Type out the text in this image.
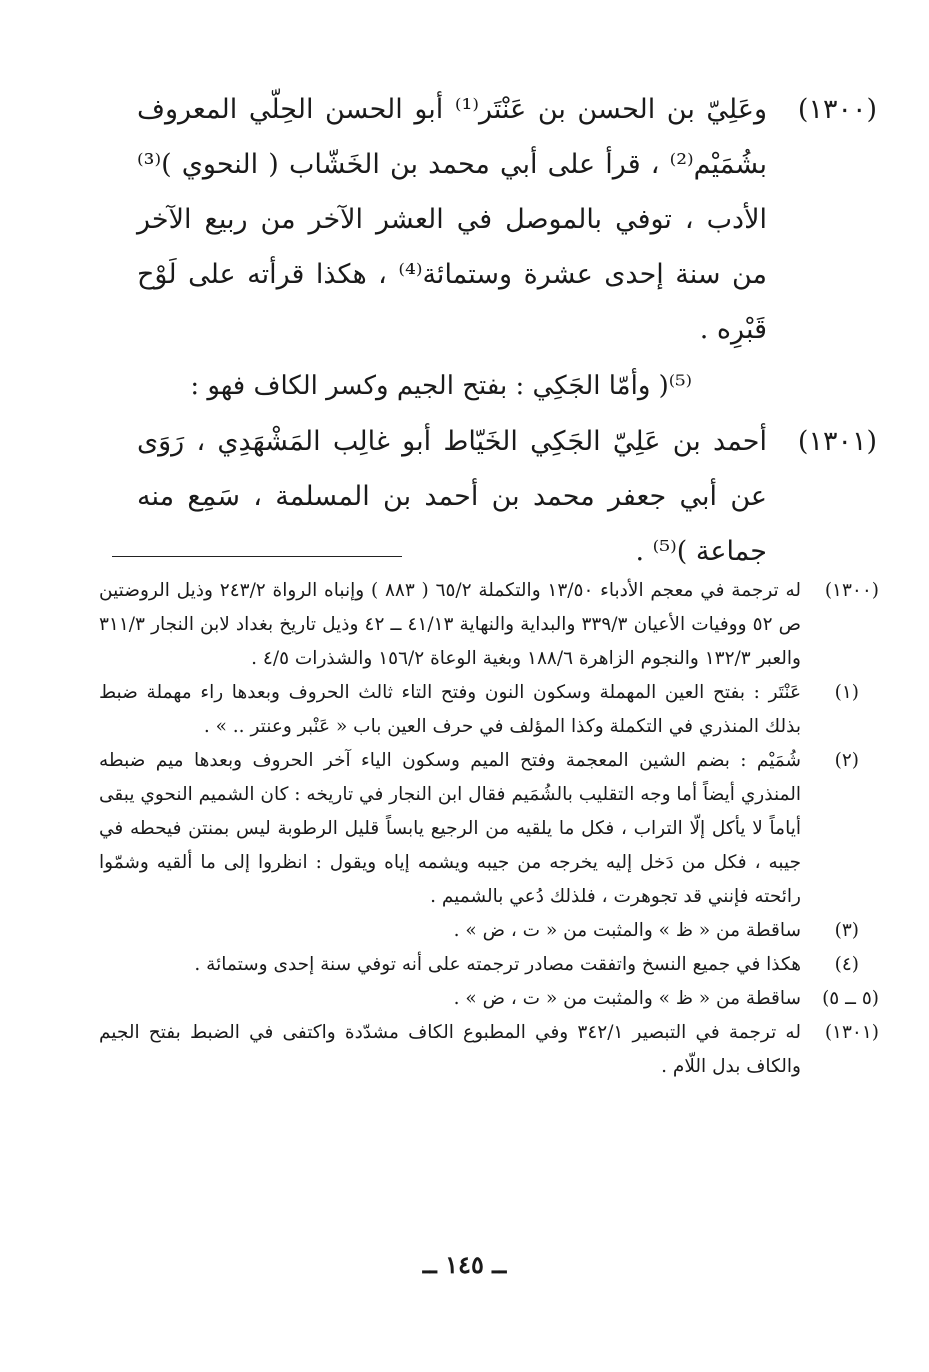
(١٣٠٠)
وعَلِيّ بن الحسن بن عَنْتَر⁽¹⁾ أبو الحسن الحِلّي المعروف بشُمَيْم⁽²⁾ ، قرأ على أبي محمد بن الخَشّاب ( النحوي )⁽³⁾ الأدب ، توفي بالموصل في العشر الآخر من ربيع الآخر من سنة إحدى عشرة وستمائة⁽⁴⁾ ، هكذا قرأته على لَوْح قَبْرِه .
⁽⁵⁾( وأمّا الجَكِي : بفتح الجيم وكسر الكاف فهو :
(١٣٠١)
أحمد بن عَلِيّ الجَكِي الخَيّاط أبو غالِب المَشْهَدِي ، رَوَى عن أبي جعفر محمد بن أحمد بن المسلمة ، سَمِع منه جماعة )⁽⁵⁾ .
(١٣٠٠)
له ترجمة في معجم الأدباء ١٣/٥٠ والتكملة ٦٥/٢ ( ٨٨٣ ) وإنباه الرواة ٢٤٣/٢ وذيل الروضتين ص ٥٢ ووفيات الأعيان ٣٣٩/٣ والبداية والنهاية ٤١/١٣ ــ ٤٢ وذيل تاريخ بغداد لابن النجار ٣١١/٣ والعبر ١٣٢/٣ والنجوم الزاهرة ١٨٨/٦ وبغية الوعاة ١٥٦/٢ والشذرات ٤/٥ .
(١)
عَنْتَر : بفتح العين المهملة وسكون النون وفتح التاء ثالث الحروف وبعدها راء مهملة ضبط بذلك المنذري في التكملة وكذا المؤلف في حرف العين باب « عَنْبر وعنتر .. » .
(٢)
شُمَيْم : بضم الشين المعجمة وفتح الميم وسكون الياء آخر الحروف وبعدها ميم ضبطه المنذري أيضاً أما وجه التقليب بالشُمَيم فقال ابن النجار في تاريخه : كان الشميم النحوي يبقى أياماً لا يأكل إلّا التراب ، فكل ما يلقيه من الرجيع يابساً قليل الرطوبة ليس بمنتن فيحطه في جيبه ، فكل من دَخل إليه يخرجه من جيبه ويشمه إياه ويقول : انظروا إلى ما ألقيه وشمّوا رائحته فإنني قد تجوهرت ، فلذلك دُعي بالشميم .
(٣)
ساقطة من « ظ » والمثبت من « ت ، ض » .
(٤)
هكذا في جميع النسخ واتفقت مصادر ترجمته على أنه توفي سنة إحدى وستمائة .
(٥ ــ ٥)
ساقطة من « ظ » والمثبت من « ت ، ض » .
(١٣٠١)
له ترجمة في التبصير ٣٤٢/١ وفي المطبوع الكاف مشدّدة واكتفى في الضبط بفتح الجيم والكاف بدل اللّام .
ــ ١٤٥ ــ
